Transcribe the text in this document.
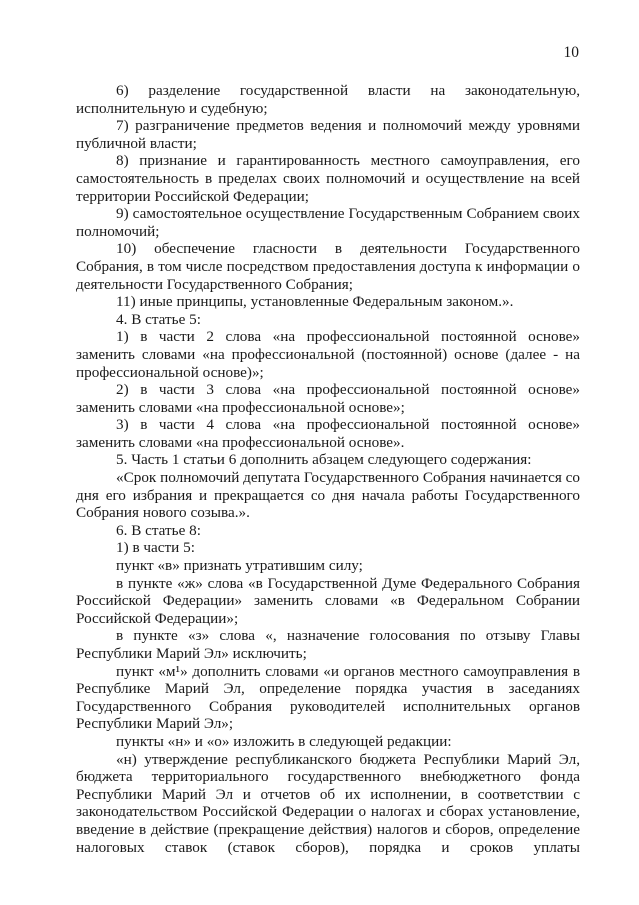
10

6) разделение государственной власти на законодательную, исполнительную и судебную;

7) разграничение предметов ведения и полномочий между уровнями публичной власти;

8) признание и гарантированность местного самоуправления, его самостоятельность в пределах своих полномочий и осуществление на всей территории Российской Федерации;

9) самостоятельное осуществление Государственным Собранием своих полномочий;

10) обеспечение гласности в деятельности Государственного Собрания, в том числе посредством предоставления доступа к информации о деятельности Государственного Собрания;

11) иные принципы, установленные Федеральным законом.».

4. В статье 5:

1) в части 2 слова «на профессиональной постоянной основе» заменить словами «на профессиональной (постоянной) основе (далее - на профессиональной основе)»;

2) в части 3 слова «на профессиональной постоянной основе» заменить словами «на профессиональной основе»;

3) в части 4 слова «на профессиональной постоянной основе» заменить словами «на профессиональной основе».

5. Часть 1 статьи 6 дополнить абзацем следующего содержания:

«Срок полномочий депутата Государственного Собрания начинается со дня его избрания и прекращается со дня начала работы Государственного Собрания нового созыва.».

6. В статье 8:

1) в части 5:

пункт «в» признать утратившим силу;

в пункте «ж» слова «в Государственной Думе Федерального Собрания Российской Федерации» заменить словами «в Федеральном Собрании Российской Федерации»;

в пункте «з» слова «, назначение голосования по отзыву Главы Республики Марий Эл» исключить;

пункт «м¹» дополнить словами «и органов местного самоуправления в Республике Марий Эл, определение порядка участия в заседаниях Государственного Собрания руководителей исполнительных органов Республики Марий Эл»;

пункты «н» и «о» изложить в следующей редакции:

«н) утверждение республиканского бюджета Республики Марий Эл, бюджета территориального государственного внебюджетного фонда Республики Марий Эл и отчетов об их исполнении, в соответствии с законодательством Российской Федерации о налогах и сборах установление, введение в действие (прекращение действия) налогов и сборов, определение налоговых ставок (ставок сборов), порядка и сроков уплаты
